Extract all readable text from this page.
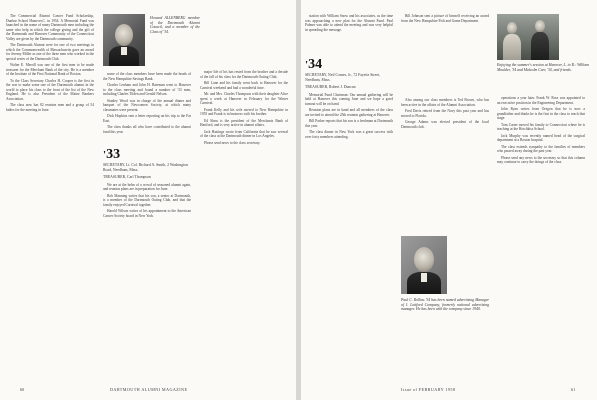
The Commercial Alumni Cancer Fund Scholarship, Dunbar School Hanover,C. in 1954. A Memorial Fund was launched in the name of many Dartmouth men including the same who help in which the college giving and the gift of the Dartmouth and Hanover Community of the Connecticut Valley are given by the Dartmouth community.

The Dartmouth Alumni were for one of two meetings in which the Commonwealth of Massachusetts gave an award for Jeremy Miller as one of the three men who worked in the special series of the Dartmouth Club.

Walter E. Merrill was one of the first men to be made treasurer for the Merchant Bank of the city. He is a member of the Institute of the First National Bank of Boston.

To the Class Secretary Charles H. Cooper is the first in the war to make some one of the Dartmouth alumni in the world to place his class to the front of the list of the New England. He is also President of the Maine Bankers Association.

The class now has 82 reunion men and a group of 54 ladies for the meeting in June.

Howard ALLENBERG member of the Dartmouth Alumni Council, and a member of the Class of '34.

some of the class members have been made the heads of the New Hampshire Savings Bank.

Charles Lenham and John H. Bateman went to Hanover to the class meeting and found a number of '33 men, including Charles Tilden and Gerald Nelson.

Stanley Wood was in charge of the annual dinner and banquet of the Newcomen Society, at which many classmates were present.

Dick Hopkins sent a letter reporting on his trip to the Far East.

The class thanks all who have contributed to the alumni fund this year.

'33
SECRETARY, Lt. Col. Richard A. Smith, 2 Washington Road, Needham, Mass.
TREASURER, Carl Thompson

We are at the helm of a crowd of seasoned alumni again, and reunion plans are in preparation for June.

Bob Manning writes that his son, a senior at Dartmouth, is a member of the Dartmouth Outing Club, and that the family enjoyed Carnival together.

Harold Wilson writes of his appointment to the American Cancer Society board in New York.

major life of his has rested from the brother and a decade of the fall of his class for the Dartmouth Outing Club.

Bill Lane and his family went back to Hanover for the Carnival weekend and had a wonderful time.

Mr. and Mrs. Charles Thompson with their daughter Alice spent a week at Hanover in February for the Winter Carnival.

Frank Kelly and his wife moved to New Hampshire in 1955 and Frank is in business with his brother.

Ed Shaw is the president of the Merchants Bank of Hartford, and is very active in alumni affairs.

Jack Hastings wrote from California that he saw several of the class at the Dartmouth dinner in Los Angeles.

Please send news to the class secretary.

60	DARTMOUTH ALUMNI MAGAZINE

station with William Snow and his associates, as the time was approaching a new plan for the Alumni Fund. Paul Palmer was able to attend the meeting and was very helpful in spreading the message.

'34
SECRETARY, Neil Comes, Jr., 72 Fayette Street, Needham, Mass.
TREASURER, Robert J. Duncan

Memorial Fund Chairman: Our annual gathering will be held at Hanover this coming June and we hope a good turnout will be on hand.

Reunion plans are in hand and all members of the class are invited to attend the 25th reunion gathering at Hanover.

Bill Parker reports that his son is a freshman at Dartmouth this year.

The class dinner in New York was a great success with over forty members attending.

Bill Johnson sent a picture of himself receiving an award from the New Hampshire Fish and Game Department.

Enjoying the summer's session at Hanover, L. to R.: William Moulder, '34 and Malcolm Carr, '34, and friends.

Also among our class members is Ted Brown, who has been active in the affairs of the Alumni Association.

Fred Davis retired from the Navy this past year and has moved to Florida.

George Adams was elected president of the local Dartmouth club.

Paul C. Rollins '34 has been named advertising Manager of I. Lottford Company, formerly national advertising manager. He has been with the company since 1940.

operations a year later. Frank W. Ross was appointed to an executive position in the Engineering Department.

John Ryan writes from Oregon that he is now a grandfather and thinks he is the first in the class to reach that stage.

Tom Carter moved his family to Connecticut where he is teaching at the Hotchkiss School.

Jack Murphy was recently named head of the surgical department at a Boston hospital.

The class extends sympathy to the families of members who passed away during the past year.

Please send any news to the secretary so that this column may continue to carry the doings of the class.

Issue of FEBRUARY 1958	61
